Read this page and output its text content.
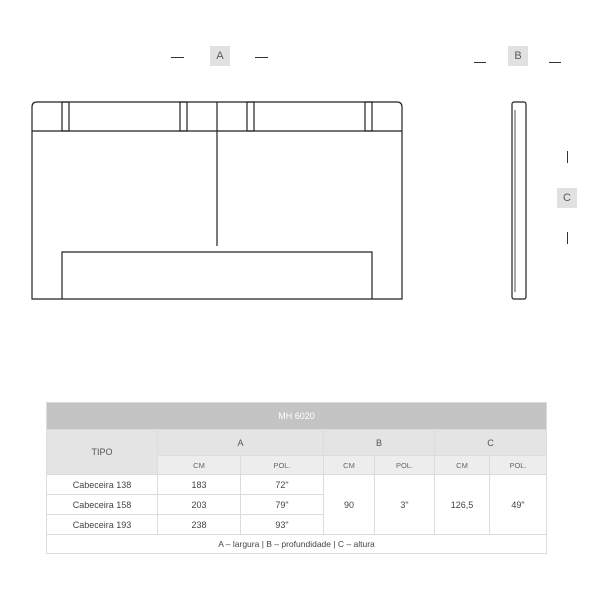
A	B
C
MH 6020						
TIPO	A		B		C	
	CM	POL.	CM	POL.	CM	POL.
Cabeceira 138	183	72"	90	3"	126,5	49"
Cabeceira 158	203	79"				
Cabeceira 193	238	93"				
A – largura | B – profundidade | C – altura						
